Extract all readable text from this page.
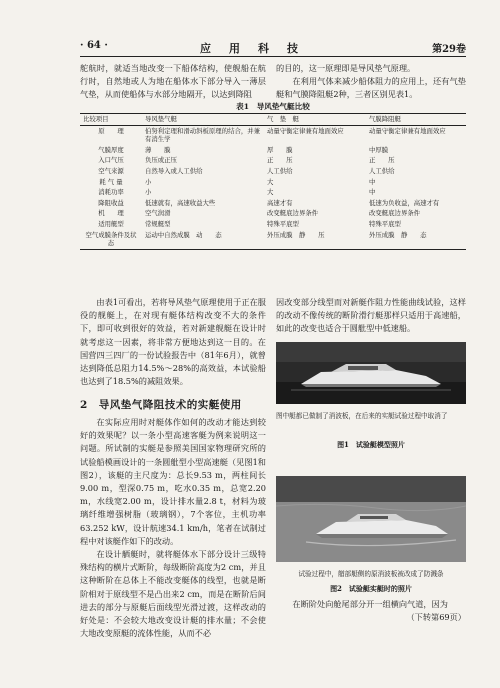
· 64 ·	应用科技	第29卷

舵航时，就适当地改变一下船体结构，使舰船在航行时，自然地或人为地在船体水下部分导入一薄层气垫，从而使船体与水部分地隔开，以达到降阻

的目的，这一原理即是导风垫气原理。

在利用气体来减少船体阻力的应用上，还有气垫艇和气膜降阻艇2种，三者区别见表1。

表1　导风垫气艇比较
比较项目	导风垫气艇	气　垫　艇	气膜降阻艇
原　　理	伯努利定理和滑动斜板原理的结合，并兼有消生学	动量守衡定律兼有地面效应	动量守衡定律兼有地面效应
气膜厚度	薄　　膜	厚　　膜	中厚膜
入口气压	负压或正压	正　　压	正　　压
空气来源	自然导入或人工供给	人工供给	人工供给
耗 气 量	小	大	中
消耗功率	小	大	中
降阻收益	低速就有，高速收益大些	高速才有	低速为负收益，高速才有
机　　理	空气润滑	改变艇底边界条件	改变艇底边界条件
适用艇型	常规艇型	特殊平底型	特殊平底型
空气成膜条件及状态	运动中自然成膜　动　　态	外压成膜　静　　压	外压成膜　静　　态

由表1可看出，若将导风垫气原理使用于正在服役的舰艇上，在对现有艇体结构改变不大的条件下，即可收到很好的效益，若对新建舰艇在设计时就考虑这一因素，将非常方便地达到这一目的。在国营四三四厂的一份试验报告中（81年6月），就曾达到降低总阻力14.5%～28%的高效益，本试验船也达到了18.5%的减阻效果。

2　导风垫气降阻技术的实艇使用

在实际应用时对艇体作如何的改动才能达到较好的效果呢？以一条小型高速客艇为例来说明这一问题。所试制的实艇是参照美国国家物理研究所的试验船模画设计的一条圆舭型小型高速艇（见图1和图2），该艇的主尺度为：总长9.53 m，两柱间长9.00 m，型深0.75 m，吃水0.35 m，总宽2.20 m，水线宽2.00 m，设计排水量2.8 t，材料为玻璃纤维增强树脂（玻璃钢），7个客位，主机功率63.252 kW，设计航速34.1 km/h，笔者在试制过程中对该艇作如下的改动。

在设计舾艇时，就将艇体水下部分设计三级特殊结构的横片式断阶，每级断阶高度为2 cm，并且这种断阶在总体上不能改变艇体的线型，也就是断阶相对于原线型不是凸出来2 cm，而是在断阶后间进去的部分与原艇后面线型光滑过渡，这样改动的好处是：不会较大地改变设计艇的排水量；不会使大地改变原艇的流体性能，从而不必

因改变部分线型而对新艇作阻力性能曲线试验，这样的改动不像传统的断阶滑行艇那样只适用于高速船，如此的改变也适合于圆舭型中低速船。

图中艇都已做制了消波板，在后来的实艇试验过程中取消了
图1　试验艇模型照片
试验过程中，艏部艇侧的原消波板被改成了防溅条
图2　试验艇实艇时的照片

在断阶处向舱尾部分开一组横向气道，因为

（下转第69页）
